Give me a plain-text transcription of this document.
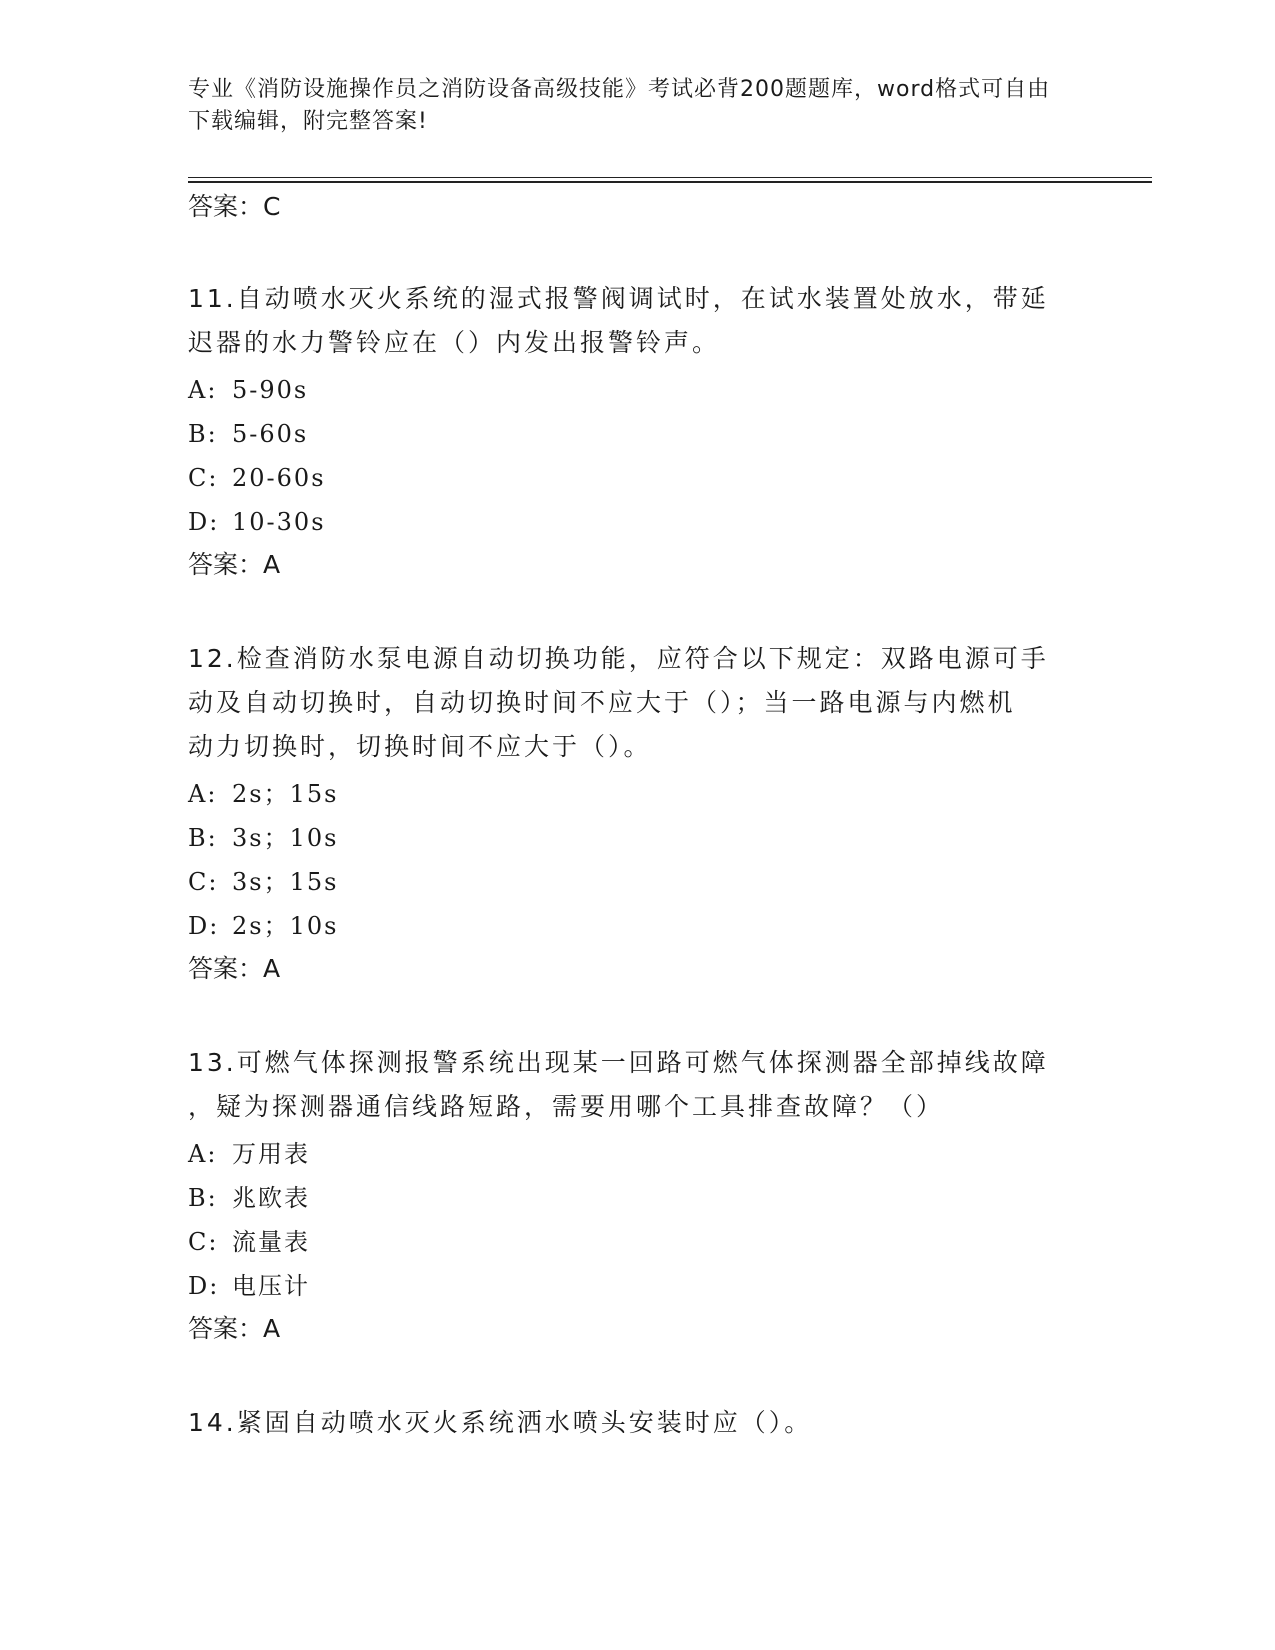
专业《消防设施操作员之消防设备高级技能》考试必背200题题库，word格式可自由下载编辑，附完整答案!
答案：C
11.自动喷水灭火系统的湿式报警阀调试时，在试水装置处放水，带延
迟器的水力警铃应在（）内发出报警铃声。
A: 5-90s
B: 5-60s
C: 20-60s
D: 10-30s
答案：A
12.检查消防水泵电源自动切换功能，应符合以下规定：双路电源可手
动及自动切换时，自动切换时间不应大于（）；当一路电源与内燃机
动力切换时，切换时间不应大于（）。
A: 2s；15s
B: 3s；10s
C: 3s；15s
D: 2s；10s
答案：A
13.可燃气体探测报警系统出现某一回路可燃气体探测器全部掉线故障
，疑为探测器通信线路短路，需要用哪个工具排查故障？（）
A: 万用表
B: 兆欧表
C: 流量表
D: 电压计
答案：A
14.紧固自动喷水灭火系统洒水喷头安装时应（）。
